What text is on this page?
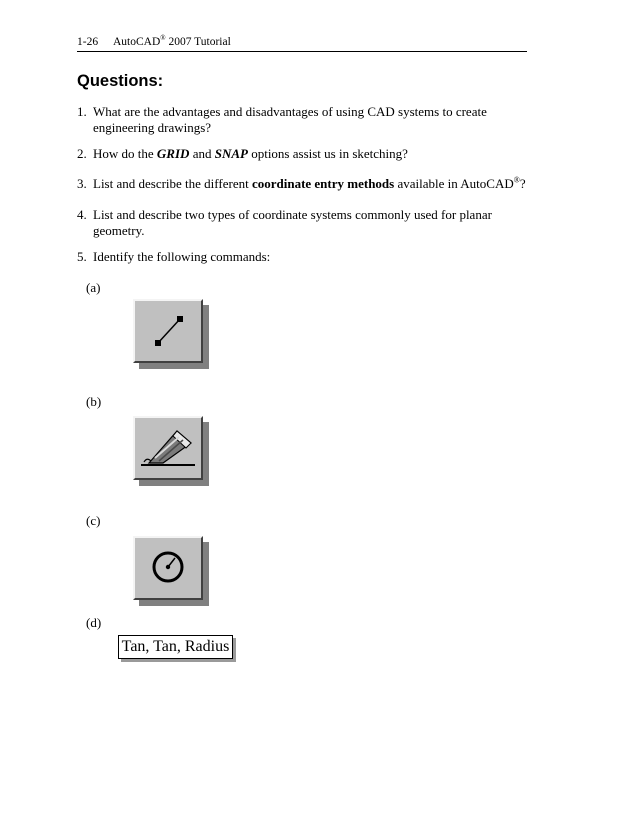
1-26 AutoCAD® 2007 Tutorial
Questions:
1. What are the advantages and disadvantages of using CAD systems to create engineering drawings?
2. How do the GRID and SNAP options assist us in sketching?
3. List and describe the different coordinate entry methods available in AutoCAD®?
4. List and describe two types of coordinate systems commonly used for planar geometry.
5. Identify the following commands:
(a)
(b)
(c)
(d)
Tan, Tan, Radius
